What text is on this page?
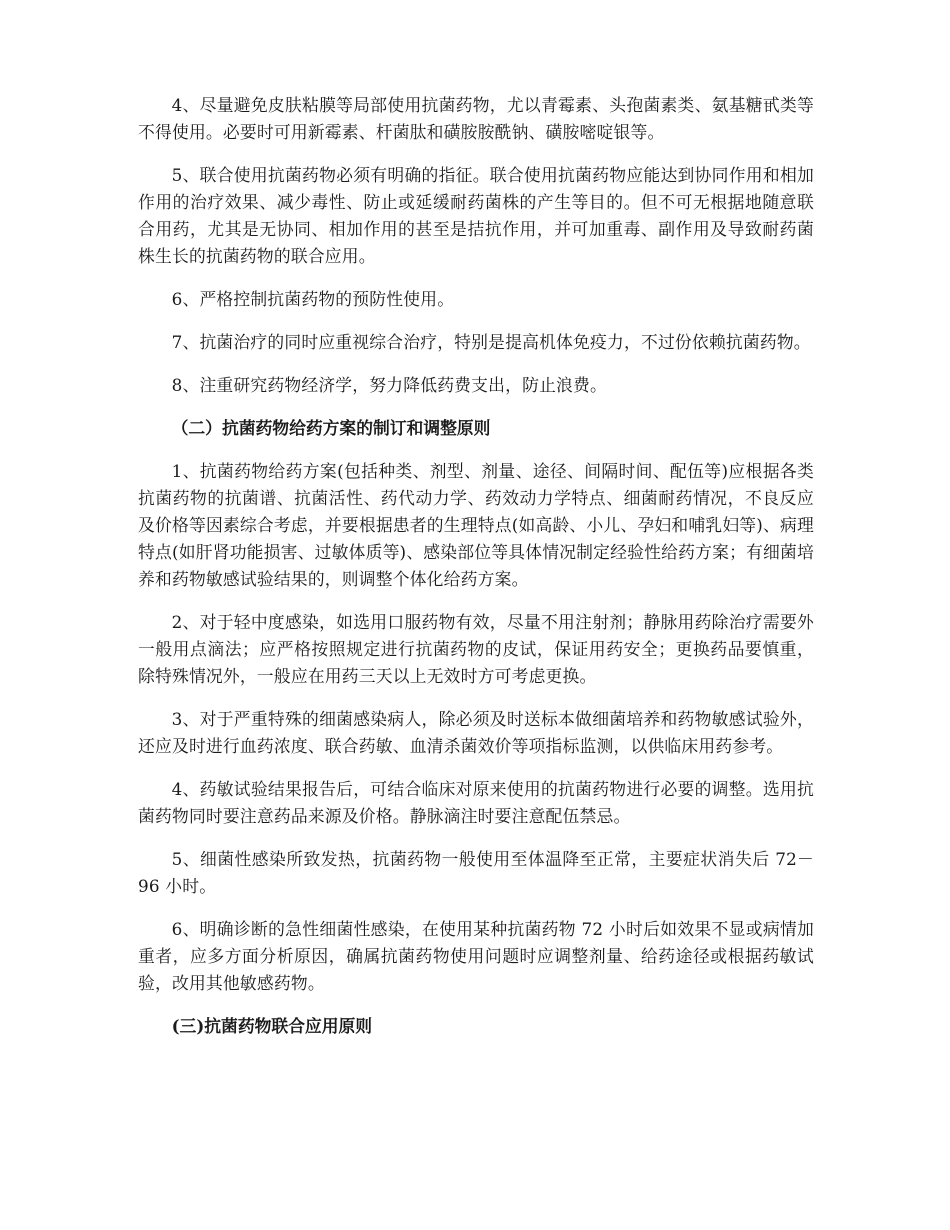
4、尽量避免皮肤粘膜等局部使用抗菌药物，尤以青霉素、头孢菌素类、氨基糖甙类等不得使用。必要时可用新霉素、杆菌肽和磺胺胺酰钠、磺胺嘧啶银等。

5、联合使用抗菌药物必须有明确的指征。联合使用抗菌药物应能达到协同作用和相加作用的治疗效果、减少毒性、防止或延缓耐药菌株的产生等目的。但不可无根据地随意联合用药，尤其是无协同、相加作用的甚至是拮抗作用，并可加重毒、副作用及导致耐药菌株生长的抗菌药物的联合应用。

6、严格控制抗菌药物的预防性使用。

7、抗菌治疗的同时应重视综合治疗，特别是提高机体免疫力，不过份依赖抗菌药物。

8、注重研究药物经济学，努力降低药费支出，防止浪费。

（二）抗菌药物给药方案的制订和调整原则

1、抗菌药物给药方案(包括种类、剂型、剂量、途径、间隔时间、配伍等)应根据各类抗菌药物的抗菌谱、抗菌活性、药代动力学、药效动力学特点、细菌耐药情况，不良反应及价格等因素综合考虑，并要根据患者的生理特点(如高龄、小儿、孕妇和哺乳妇等)、病理特点(如肝肾功能损害、过敏体质等)、感染部位等具体情况制定经验性给药方案；有细菌培养和药物敏感试验结果的，则调整个体化给药方案。

2、对于轻中度感染，如选用口服药物有效，尽量不用注射剂；静脉用药除治疗需要外一般用点滴法；应严格按照规定进行抗菌药物的皮试，保证用药安全；更换药品要慎重，除特殊情况外，一般应在用药三天以上无效时方可考虑更换。

3、对于严重特殊的细菌感染病人，除必须及时送标本做细菌培养和药物敏感试验外，还应及时进行血药浓度、联合药敏、血清杀菌效价等项指标监测，以供临床用药参考。

4、药敏试验结果报告后，可结合临床对原来使用的抗菌药物进行必要的调整。选用抗菌药物同时要注意药品来源及价格。静脉滴注时要注意配伍禁忌。

5、细菌性感染所致发热，抗菌药物一般使用至体温降至正常，主要症状消失后 72－96 小时。

6、明确诊断的急性细菌性感染，在使用某种抗菌药物 72 小时后如效果不显或病情加重者，应多方面分析原因，确属抗菌药物使用问题时应调整剂量、给药途径或根据药敏试验，改用其他敏感药物。

(三)抗菌药物联合应用原则
